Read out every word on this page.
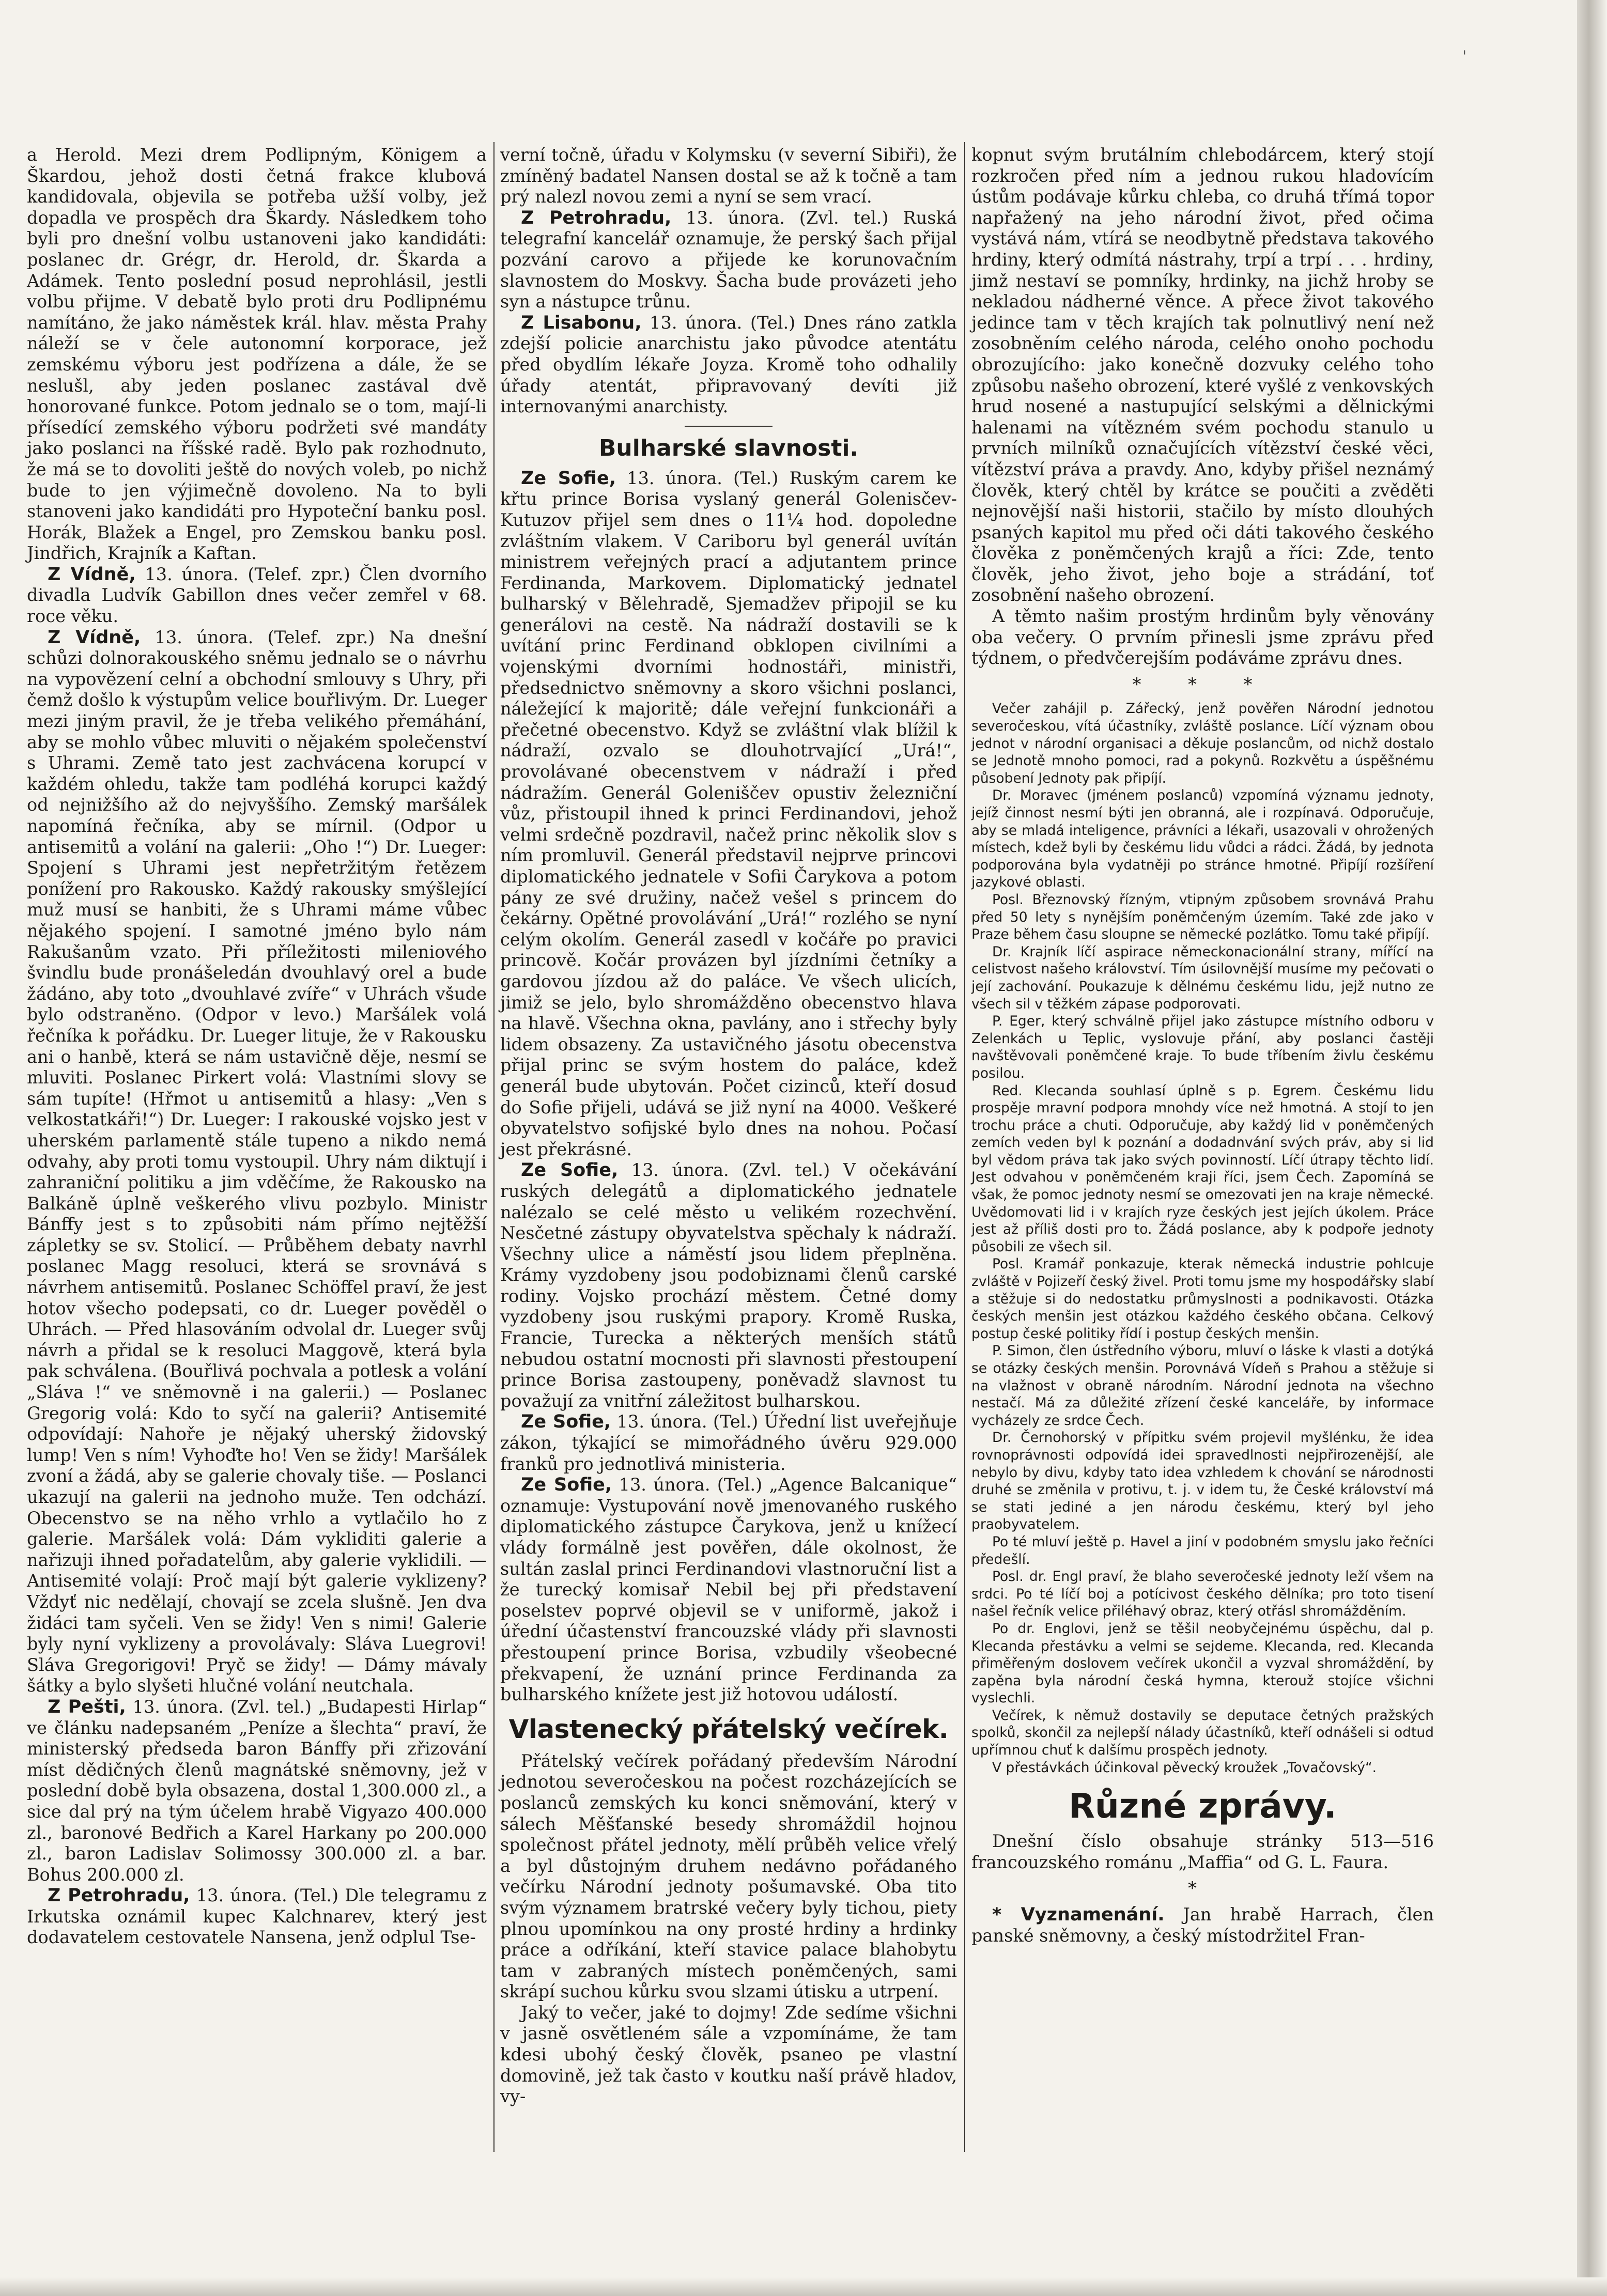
'

a Herold. Mezi drem Podlipným, Königem a Škardou, jehož dosti četná frakce klubová kandidovala, objevila se potřeba užší volby, jež dopadla ve prospěch dra Škardy. Následkem toho byli pro dnešní volbu ustanoveni jako kandidáti: poslanec dr. Grégr, dr. Herold, dr. Škarda a Adámek. Tento poslední posud neprohlásil, jestli volbu přijme. V debatě bylo proti dru Podlipnému namítáno, že jako náměstek král. hlav. města Prahy náleží se v čele autonomní korporace, jež zemskému výboru jest podřízena a dále, že se neslušl, aby jeden poslanec zastával dvě honorované funkce. Potom jednalo se o tom, mají-li přísedící zemského výboru podržeti své mandáty jako poslanci na říšské radě. Bylo pak rozhodnuto, že má se to dovoliti ještě do nových voleb, po nichž bude to jen výjimečně dovoleno. Na to byli stanoveni jako kandidáti pro Hypoteční banku posl. Horák, Blažek a Engel, pro Zemskou banku posl. Jindřich, Krajník a Kaftan.

Z Vídně, 13. února. (Telef. zpr.) Člen dvorního divadla Ludvík Gabillon dnes večer zemřel v 68. roce věku.

Z Vídně, 13. února. (Telef. zpr.) Na dnešní schůzi dolnorakouského sněmu jednalo se o návrhu na vypovězení celní a obchodní smlouvy s Uhry, při čemž došlo k výstupům velice bouřlivým. Dr. Lueger mezi jiným pravil, že je třeba velikého přemáhání, aby se mohlo vůbec mluviti o nějakém společenství s Uhrami. Země tato jest zachvácena korupcí v každém ohledu, takže tam podléhá korupci každý od nejnižšího až do nejvyššího. Zemský maršálek napomíná řečníka, aby se mírnil. (Odpor u antisemitů a volání na galerii: „Oho !“) Dr. Lueger: Spojení s Uhrami jest nepřetržitým řetězem ponížení pro Rakousko. Každý rakousky smýšlející muž musí se hanbiti, že s Uhrami máme vůbec nějakého spojení. I samotné jméno bylo nám Rakušanům vzato. Při příležitosti mileniového švindlu bude pronášeledán dvouhlavý orel a bude žádáno, aby toto „dvouhlavé zvíře“ v Uhrách všude bylo odstraněno. (Odpor v levo.) Maršálek volá řečníka k pořádku. Dr. Lueger lituje, že v Rakousku ani o hanbě, která se nám ustavičně děje, nesmí se mluviti. Poslanec Pirkert volá: Vlastními slovy se sám tupíte! (Hřmot u antisemitů a hlasy: „Ven s velkostatkáři!“) Dr. Lueger: I rakouské vojsko jest v uherském parlamentě stále tupeno a nikdo nemá odvahy, aby proti tomu vystoupil. Uhry nám diktují i zahraniční politiku a jim vděčíme, že Rakousko na Balkáně úplně veškerého vlivu pozbylo. Ministr Bánffy jest s to způsobiti nám přímo nejtěžší zápletky se sv. Stolicí. — Průběhem debaty navrhl poslanec Magg resoluci, která se srovnává s návrhem antisemitů. Poslanec Schöffel praví, že jest hotov všecho podepsati, co dr. Lueger pověděl o Uhrách. — Před hlasováním odvolal dr. Lueger svůj návrh a přidal se k resoluci Maggově, která byla pak schválena. (Bouřlivá pochvala a potlesk a volání „Sláva !“ ve sněmovně i na galerii.) — Poslanec Gregorig volá: Kdo to syčí na galerii? Antisemité odpovídají: Nahoře je nějaký uherský židovský lump! Ven s ním! Vyhoďte ho! Ven se židy! Maršálek zvoní a žádá, aby se galerie chovaly tiše. — Poslanci ukazují na galerii na jednoho muže. Ten odchází. Obecenstvo se na něho vrhlo a vytlačilo ho z galerie. Maršálek volá: Dám vykliditi galerie a nařizuji ihned pořadatelům, aby galerie vyklidili. — Antisemité volají: Proč mají být galerie vyklizeny? Vždyť nic nedělají, chovají se zcela slušně. Jen dva židáci tam syčeli. Ven se židy! Ven s nimi! Galerie byly nyní vyklizeny a provolávaly: Sláva Luegrovi! Sláva Gregorigovi! Pryč se židy! — Dámy mávaly šátky a bylo slyšeti hlučné volání neutchala.

Z Pešti, 13. února. (Zvl. tel.) „Budapesti Hirlap“ ve článku nadepsaném „Peníze a šlechta“ praví, že ministerský předseda baron Bánffy při zřizování míst dědičných členů magnátské sněmovny, jež v poslední době byla obsazena, dostal 1,300.000 zl., a sice dal prý na tým účelem hrabě Vigyazo 400.000 zl., baronové Bedřich a Karel Harkany po 200.000 zl., baron Ladislav Solimossy 300.000 zl. a bar. Bohus 200.000 zl.

Z Petrohradu, 13. února. (Tel.) Dle telegramu z Irkutska oznámil kupec Kalchnarev, který jest dodavatelem cestovatele Nansena, jenž odplul Tse-

verní točně, úřadu v Kolymsku (v severní Sibiři), že zmíněný badatel Nansen dostal se až k točně a tam prý nalezl novou zemi a nyní se sem vrací.

Z Petrohradu, 13. února. (Zvl. tel.) Ruská telegrafní kancelář oznamuje, že perský šach přijal pozvání carovo a přijede ke korunovačním slavnostem do Moskvy. Šacha bude provázeti jeho syn a nástupce trůnu.

Z Lisabonu, 13. února. (Tel.) Dnes ráno zatkla zdejší policie anarchistu jako původce atentátu před obydlím lékaře Joyza. Kromě toho odhalily úřady atentát, připravovaný devíti již internovanými anarchisty.

Bulharské slavnosti.

Ze Sofie, 13. února. (Tel.) Ruským carem ke křtu prince Borisa vyslaný generál Golenisčev-Kutuzov přijel sem dnes o 11¼ hod. dopoledne zvláštním vlakem. V Cariboru byl generál uvítán ministrem veřejných prací a adjutantem prince Ferdinanda, Markovem. Diplomatický jednatel bulharský v Bělehradě, Sjemadžev připojil se ku generálovi na cestě. Na nádraží dostavili se k uvítání princ Ferdinand obklopen civilními a vojenskými dvorními hodnostáři, ministři, předsednictvo sněmovny a skoro všichni poslanci, náležející k majoritě; dále veřejní funkcionáři a přečetné obecenstvo. Když se zvláštní vlak blížil k nádraží, ozvalo se dlouhotrvající „Urá!“, provolávané obecenstvem v nádraží i před nádražím. Generál Goleniščev opustiv železniční vůz, přistoupil ihned k princi Ferdinandovi, jehož velmi srdečně pozdravil, načež princ několik slov s ním promluvil. Generál představil nejprve princovi diplomatického jednatele v Sofii Čarykova a potom pány ze své družiny, načež vešel s princem do čekárny. Opětné provolávání „Urá!“ rozlého se nyní celým okolím. Generál zasedl v kočáře po pravici princově. Kočár provázen byl jízdními četníky a gardovou jízdou až do paláce. Ve všech ulicích, jimiž se jelo, bylo shromážděno obecenstvo hlava na hlavě. Všechna okna, pavlány, ano i střechy byly lidem obsazeny. Za ustavičného jásotu obecenstva přijal princ se svým hostem do paláce, kdež generál bude ubytován. Počet cizinců, kteří dosud do Sofie přijeli, udává se již nyní na 4000. Veškeré obyvatelstvo sofijské bylo dnes na nohou. Počasí jest překrásné.

Ze Sofie, 13. února. (Zvl. tel.) V očekávání ruských delegátů a diplomatického jednatele nalézalo se celé město u velikém rozechvění. Nesčetné zástupy obyvatelstva spěchaly k nádraží. Všechny ulice a náměstí jsou lidem přeplněna. Krámy vyzdobeny jsou podobiznami členů carské rodiny. Vojsko prochází městem. Četné domy vyzdobeny jsou ruskými prapory. Kromě Ruska, Francie, Turecka a některých menších států nebudou ostatní mocnosti při slavnosti přestoupení prince Borisa zastoupeny, poněvadž slavnost tu považují za vnitřní záležitost bulharskou.

Ze Sofie, 13. února. (Tel.) Úřední list uveřejňuje zákon, týkající se mimořádného úvěru 929.000 franků pro jednotlivá ministeria.

Ze Sofie, 13. února. (Tel.) „Agence Balcanique“ oznamuje: Vystupování nově jmenovaného ruského diplomatického zástupce Čarykova, jenž u knížecí vlády formálně jest pověřen, dále okolnost, že sultán zaslal princi Ferdinandovi vlastnoruční list a že turecký komisař Nebil bej při představení poselstev poprvé objevil se v uniformě, jakož i úřední účastenství francouzské vlády při slavnosti přestoupení prince Borisa, vzbudily všeobecné překvapení, že uznání prince Ferdinanda za bulharského knížete jest již hotovou událostí.

Vlastenecký přátelský večírek.

Přátelský večírek pořádaný především Národní jednotou severočeskou na počest rozcházejících se poslanců zemských ku konci sněmování, který v sálech Měšťanské besedy shromáždil hojnou společnost přátel jednoty, mělí průběh velice vřelý a byl důstojným druhem nedávno pořádaného večírku Národní jednoty pošumavské. Oba tito svým významem bratrské večery byly tichou, piety plnou upomínkou na ony prosté hrdiny a hrdinky práce a odříkání, kteří stavice palace blahobytu tam v zabraných místech poněmčených, sami skrápí suchou kůrku svou slzami útisku a utrpení.

Jaký to večer, jaké to dojmy! Zde sedíme všichni v jasně osvětleném sále a vzpomínáme, že tam kdesi ubohý český člověk, psaneo pe vlastní domovině, jež tak často v koutku naší právě hladov, vy-

kopnut svým brutálním chlebodárcem, který stojí rozkročen před ním a jednou rukou hladovícím ústům podávaje kůrku chleba, co druhá třímá topor napřažený na jeho národní život, před očima vystává nám, vtírá se neodbytně představa takového hrdiny, který odmítá nástrahy, trpí a trpí . . . hrdiny, jimž nestaví se pomníky, hrdinky, na jichž hroby se nekladou nádherné věnce. A přece život takového jedince tam v těch krajích tak polnutlivý není než zosobněním celého národa, celého onoho pochodu obrozujícího: jako konečně dozvuky celého toho způsobu našeho obrození, které vyšlé z venkovských hrud nosené a nastupující selskými a dělnickými halenami na vítězném svém pochodu stanulo u prvních milníků označujících vítězství české věci, vítězství práva a pravdy. Ano, kdyby přišel neznámý člověk, který chtěl by krátce se poučiti a zvěděti nejnovější naši historii, stačilo by místo dlouhých psaných kapitol mu před oči dáti takového českého člověka z poněmčených krajů a říci: Zde, tento člověk, jeho život, jeho boje a strádání, toť zosobnění našeho obrození.

A těmto našim prostým hrdinům byly věnovány oba večery. O prvním přinesli jsme zprávu před týdnem, o předvčerejším podáváme zprávu dnes.

* * *

Večer zahájil p. Zářecký, jenž pověřen Národní jednotou severočeskou, vítá účastníky, zvláště poslance. Líčí význam obou jednot v národní organisaci a děkuje poslancům, od nichž dostalo se Jednotě mnoho pomoci, rad a pokynů. Rozkvětu a úspěšnému působení Jednoty pak připíjí.

Dr. Moravec (jménem poslanců) vzpomíná významu jednoty, jejíž činnost nesmí býti jen obranná, ale i rozpínavá. Odporučuje, aby se mladá inteligence, právníci a lékaři, usazovali v ohrožených místech, kdež byli by českému lidu vůdci a rádci. Žádá, by jednota podporována byla vydatněji po stránce hmotné. Připíjí rozšíření jazykové oblasti.

Posl. Březnovský řízným, vtipným způsobem srovnává Prahu před 50 lety s nynějším poněmčeným územím. Také zde jako v Praze během času sloupne se německé pozlátko. Tomu také připíjí.

Dr. Krajník líčí aspirace německonacionální strany, mířící na celistvost našeho království. Tím úsilovnější musíme my pečovati o její zachování. Poukazuje k dělnému českému lidu, jejž nutno ze všech sil v těžkém zápase podporovati.

P. Eger, který schválně přijel jako zástupce místního odboru v Zelenkách u Teplic, vyslovuje přání, aby poslanci častěji navštěvovali poněmčené kraje. To bude tříbením živlu českému posilou.

Red. Klecanda souhlasí úplně s p. Egrem. Českému lidu prospěje mravní podpora mnohdy více než hmotná. A stojí to jen trochu práce a chuti. Odporučuje, aby každý lid v poněmčených zemích veden byl k poznání a dodadnvání svých práv, aby si lid byl vědom práva tak jako svých povinností. Líčí útrapy těchto lidí. Jest odvahou v poněmčeném kraji říci, jsem Čech. Zapomíná se však, že pomoc jednoty nesmí se omezovati jen na kraje německé. Uvědomovati lid i v krajích ryze českých jest jejích úkolem. Práce jest až příliš dosti pro to. Žádá poslance, aby k podpoře jednoty působili ze všech sil.

Posl. Kramář ponkazuje, kterak německá industrie pohlcuje zvláště v Pojizeří český živel. Proti tomu jsme my hospodářsky slabí a stěžuje si do nedostatku průmyslnosti a podnikavosti. Otázka českých menšin jest otázkou každého českého občana. Celkový postup české politiky řídí i postup českých menšin.

P. Simon, člen ústředního výboru, mluví o láske k vlasti a dotýká se otázky českých menšin. Porovnává Vídeň s Prahou a stěžuje si na vlažnost v obraně národním. Národní jednota na všechno nestačí. Má za důležité zřízení české kanceláře, by informace vycházely ze srdce Čech.

Dr. Černohorský v přípitku svém projevil myšlénku, že idea rovnoprávnosti odpovídá idei spravedlnosti nejpřirozenější, ale nebylo by divu, kdyby tato idea vzhledem k chování se národnosti druhé se změnila v protivu, t. j. v idem tu, že České království má se stati jediné a jen národu českému, který byl jeho praobyvatelem.

Po té mluví ještě p. Havel a jiní v podobném smyslu jako řečníci předešlí.

Posl. dr. Engl praví, že blaho severočeské jednoty leží všem na srdci. Po té líčí boj a potícivost českého dělníka; pro toto tisení našel řečník velice přiléhavý obraz, který otřásl shromážděním.

Po dr. Englovi, jenž se těšil neobyčejnému úspěchu, dal p. Klecanda přestávku a velmi se sejdeme. Klecanda, red. Klecanda přiměřeným doslovem večírek ukončil a vyzval shromáždění, by zapěna byla národní česká hymna, kterouž stojíce všichni vyslechli.

Večírek, k němuž dostavily se deputace četných pražských spolků, skončil za nejlepší nálady účastníků, kteří odnášeli si odtud upřímnou chuť k dalšímu prospěch jednoty.

V přestávkách účinkoval pěvecký kroužek „Tovačovský“.

Různé zprávy.

Dnešní číslo obsahuje stránky 513—516 francouzského románu „Maffia“ od G. L. Faura.

*

* Vyznamenání. Jan hrabě Harrach, člen panské sněmovny, a český místodržitel Fran-
